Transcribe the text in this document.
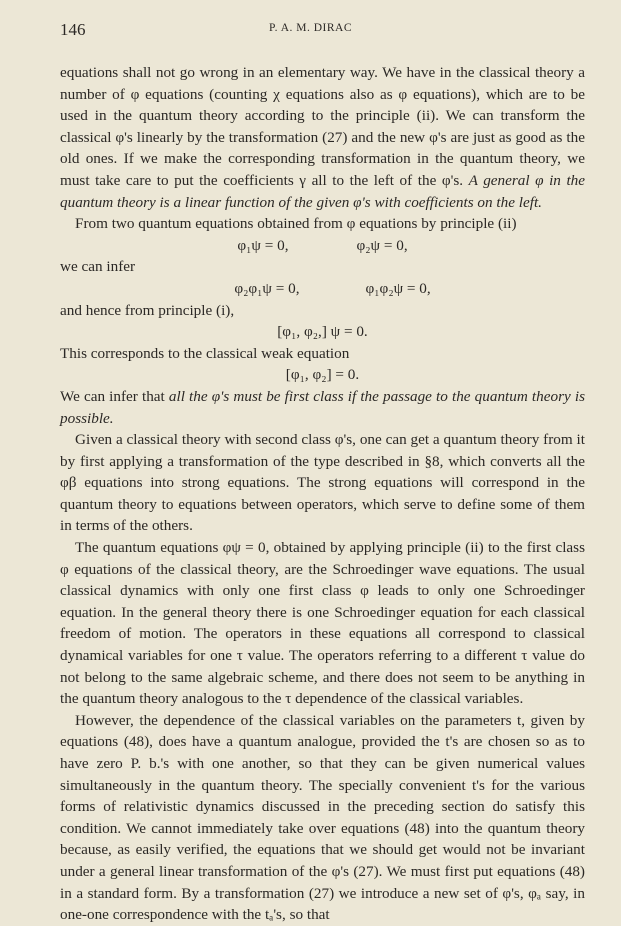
146	P. A. M. DIRAC

equations shall not go wrong in an elementary way. We have in the classical theory a number of φ equations (counting χ equations also as φ equations), which are to be used in the quantum theory according to the principle (ii). We can transform the classical φ's linearly by the transformation (27) and the new φ's are just as good as the old ones. If we make the corresponding transformation in the quantum theory, we must take care to put the coefficients γ all to the left of the φ's. A general φ in the quantum theory is a linear function of the given φ's with coefficients on the left.

From two quantum equations obtained from φ equations by principle (ii)

φ₁ψ = 0,	φ₂ψ = 0,

we can infer

φ₂φ₁ψ = 0,	φ₁φ₂ψ = 0,

and hence from principle (i),

[φ₁, φ₂,] ψ = 0.

This corresponds to the classical weak equation

[φ₁, φ₂] = 0.

We can infer that all the φ's must be first class if the passage to the quantum theory is possible.

Given a classical theory with second class φ's, one can get a quantum theory from it by first applying a transformation of the type described in §8, which converts all the φβ equations into strong equations. The strong equations will correspond in the quantum theory to equations between operators, which serve to define some of them in terms of the others.

The quantum equations φψ = 0, obtained by applying principle (ii) to the first class φ equations of the classical theory, are the Schroedinger wave equations. The usual classical dynamics with only one first class φ leads to only one Schroedinger equation. In the general theory there is one Schroedinger equation for each classical freedom of motion. The operators in these equations all correspond to classical dynamical variables for one τ value. The operators referring to a different τ value do not belong to the same algebraic scheme, and there does not seem to be anything in the quantum theory analogous to the τ dependence of the classical variables.

However, the dependence of the classical variables on the parameters t, given by equations (48), does have a quantum analogue, provided the t's are chosen so as to have zero P. b.'s with one another, so that they can be given numerical values simultaneously in the quantum theory. The specially convenient t's for the various forms of relativistic dynamics discussed in the preceding section do satisfy this condition. We cannot immediately take over equations (48) into the quantum theory because, as easily verified, the equations that we should get would not be invariant under a general linear transformation of the φ's (27). We must first put equations (48) in a standard form. By a transformation (27) we introduce a new set of φ's, φₐ say, in one-one correspondence with the tₐ's, so that
